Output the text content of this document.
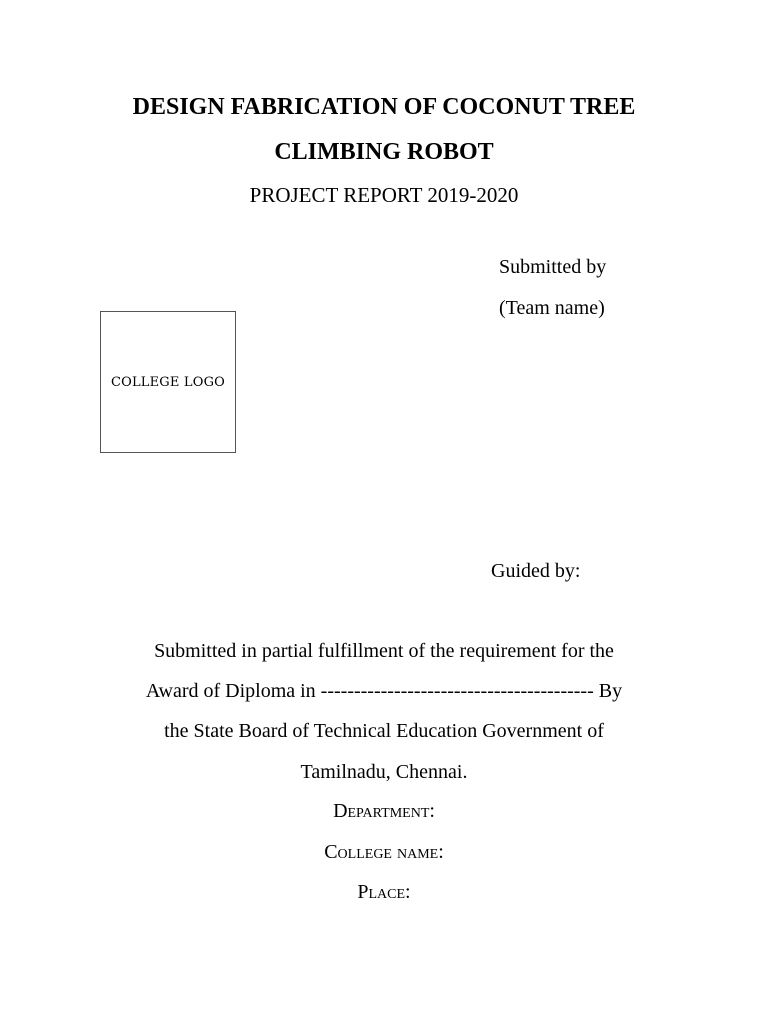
DESIGN FABRICATION OF COCONUT TREE
CLIMBING ROBOT
PROJECT REPORT 2019-2020
Submitted by
(Team name)
COLLEGE LOGO
Guided by:
Submitted in partial fulfillment of the requirement for the
Award of Diploma in ----------------------------------------- By
the State Board of Technical Education Government of
Tamilnadu, Chennai.
Department:
College name:
Place:
